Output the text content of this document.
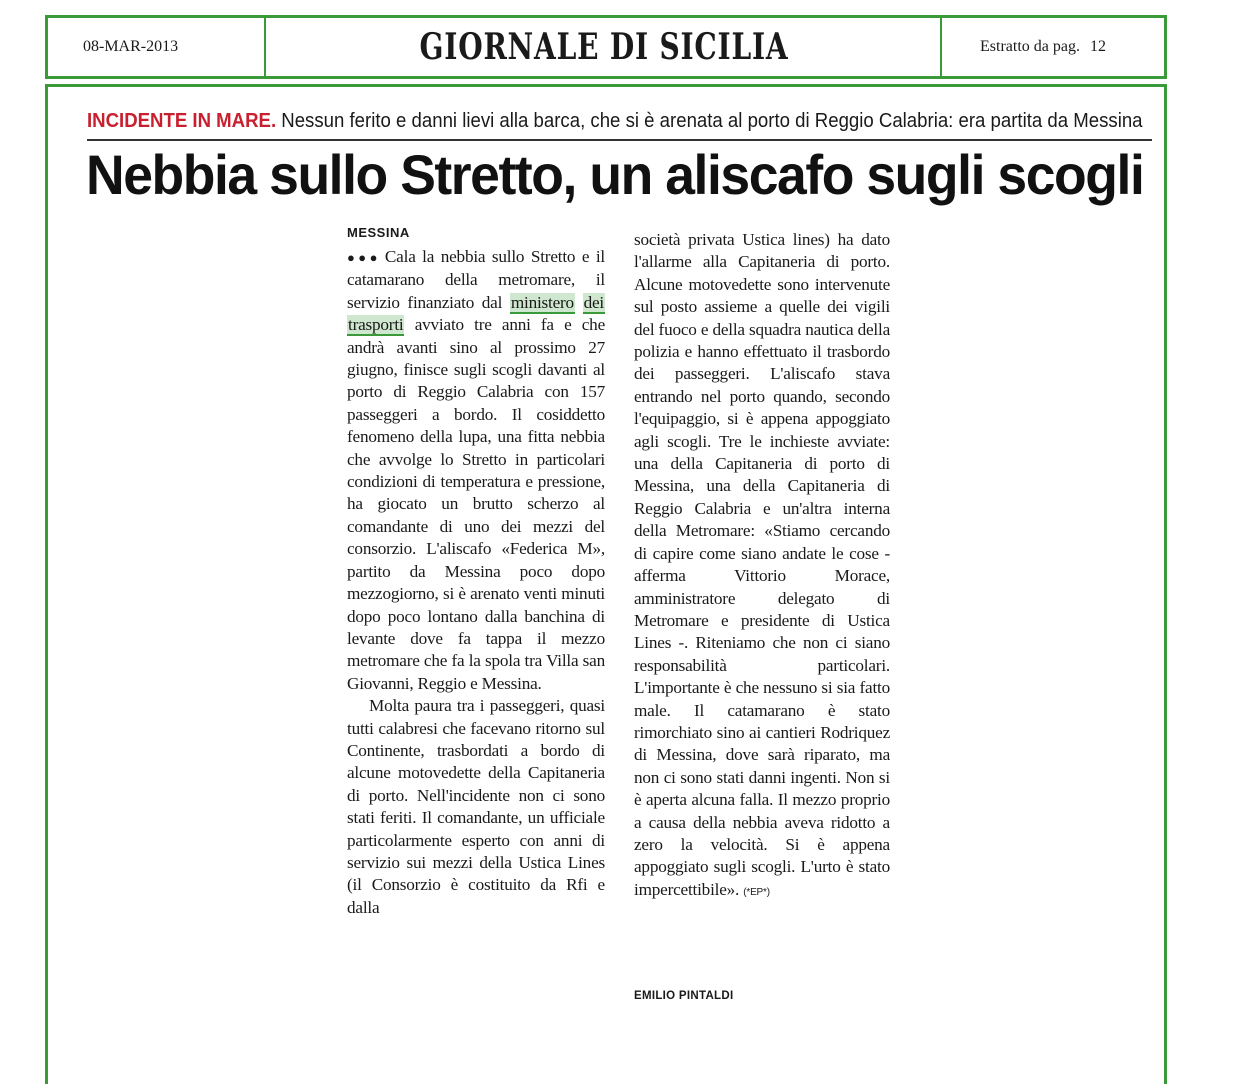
08-MAR-2013	GIORNALE DI SICILIA	Estratto da pag. 12
INCIDENTE IN MARE. Nessun ferito e danni lievi alla barca, che si è arenata al porto di Reggio Calabria: era partita da Messina
Nebbia sullo Stretto, un aliscafo sugli scogli
MESSINA

●●● Cala la nebbia sullo Stretto e il catamarano della metromare, il servizio finanziato dal ministero dei trasporti avviato tre anni fa e che andrà avanti sino al prossimo 27 giugno, finisce sugli scogli davanti al porto di Reggio Calabria con 157 passeggeri a bordo. Il cosiddetto fenomeno della lupa, una fitta nebbia che avvolge lo Stretto in particolari condizioni di temperatura e pressione, ha giocato un brutto scherzo al comandante di uno dei mezzi del consorzio. L'aliscafo «Federica M», partito da Messina poco dopo mezzogiorno, si è arenato venti minuti dopo poco lontano dalla banchina di levante dove fa tappa il mezzo metromare che fa la spola tra Villa san Giovanni, Reggio e Messina.

Molta paura tra i passeggeri, quasi tutti calabresi che facevano ritorno sul Continente, trasbordati a bordo di alcune motovedette della Capitaneria di porto. Nell'incidente non ci sono stati feriti. Il comandante, un ufficiale particolarmente esperto con anni di servizio sui mezzi della Ustica Lines (il Consorzio è costituito da Rfi e dalla

società privata Ustica lines) ha dato l'allarme alla Capitaneria di porto. Alcune motovedette sono intervenute sul posto assieme a quelle dei vigili del fuoco e della squadra nautica della polizia e hanno effettuato il trasbordo dei passeggeri. L'aliscafo stava entrando nel porto quando, secondo l'equipaggio, si è appena appoggiato agli scogli. Tre le inchieste avviate: una della Capitaneria di porto di Messina, una della Capitaneria di Reggio Calabria e un'altra interna della Metromare: «Stiamo cercando di capire come siano andate le cose - afferma Vittorio Morace, amministratore delegato di Metromare e presidente di Ustica Lines -. Riteniamo che non ci siano responsabilità particolari. L'importante è che nessuno si sia fatto male. Il catamarano è stato rimorchiato sino ai cantieri Rodriquez di Messina, dove sarà riparato, ma non ci sono stati danni ingenti. Non si è aperta alcuna falla. Il mezzo proprio a causa della nebbia aveva ridotto a zero la velocità. Si è appena appoggiato sugli scogli. L'urto è stato impercettibile». (*EP*)

EMILIO PINTALDI
